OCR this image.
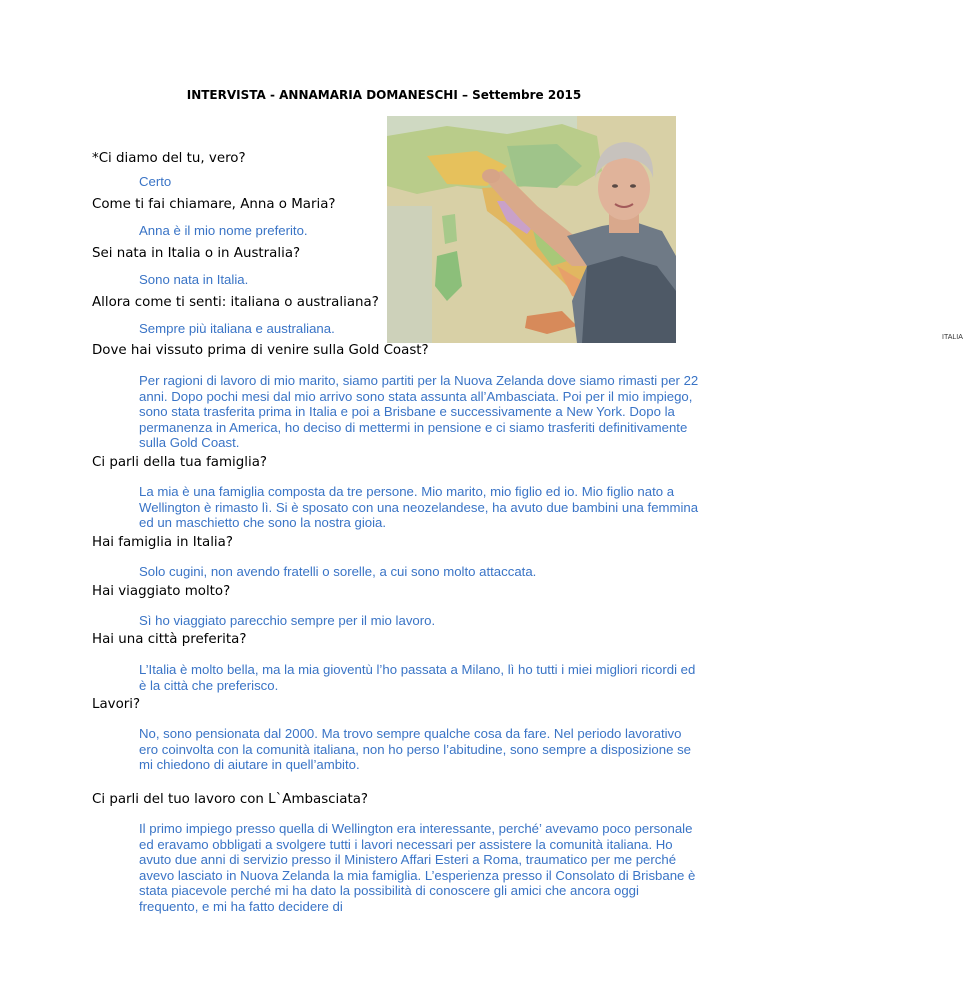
INTERVISTA - ANNAMARIA DOMANESCHI – Settembre 2015
ITALIA
*Ci diamo del tu, vero?
Certo
Come ti fai chiamare, Anna o Maria?
Anna è il mio nome preferito.
Sei nata in Italia o in Australia?
Sono nata in Italia.
Allora come ti senti: italiana o australiana?
Sempre più italiana e australiana.
Dove hai vissuto prima di venire sulla Gold Coast?
Per ragioni di lavoro di mio marito, siamo partiti per la Nuova Zelanda dove siamo rimasti per 22 anni. Dopo pochi mesi dal mio arrivo sono stata assunta all’Ambasciata. Poi per il mio impiego, sono stata trasferita prima in Italia e poi a Brisbane e successivamente a New York. Dopo la permanenza in America, ho deciso di mettermi in pensione e ci siamo trasferiti definitivamente sulla Gold Coast.
Ci parli della tua famiglia?
La mia è una famiglia composta da tre persone. Mio marito, mio figlio ed io. Mio figlio nato a Wellington è rimasto lì. Si è sposato con una neozelandese, ha avuto due bambini una femmina ed un maschietto che sono la nostra gioia.
Hai famiglia in Italia?
Solo cugini, non avendo fratelli o sorelle, a cui sono molto attaccata.
Hai viaggiato molto?
Sì ho viaggiato parecchio sempre per il mio lavoro.
Hai una città preferita?
L’Italia è molto bella, ma la mia gioventù l’ho passata a Milano, lì ho tutti i miei migliori ricordi ed è la città che preferisco.
Lavori?
No, sono pensionata dal 2000. Ma trovo sempre qualche cosa da fare. Nel periodo lavorativo ero coinvolta con la comunità italiana, non ho perso l’abitudine, sono sempre a disposizione se mi chiedono di aiutare in quell’ambito.
Ci parli del tuo lavoro con L`Ambasciata?
Il primo impiego presso quella di Wellington era interessante, perché’ avevamo poco personale ed eravamo obbligati a svolgere tutti i lavori necessari per assistere la comunità italiana. Ho avuto due anni di servizio presso il Ministero Affari Esteri a Roma, traumatico per me perché avevo lasciato in Nuova Zelanda la mia famiglia. L’esperienza presso il Consolato di Brisbane è stata piacevole perché mi ha dato la possibilità di conoscere gli amici che ancora oggi frequento, e mi ha fatto decidere di
